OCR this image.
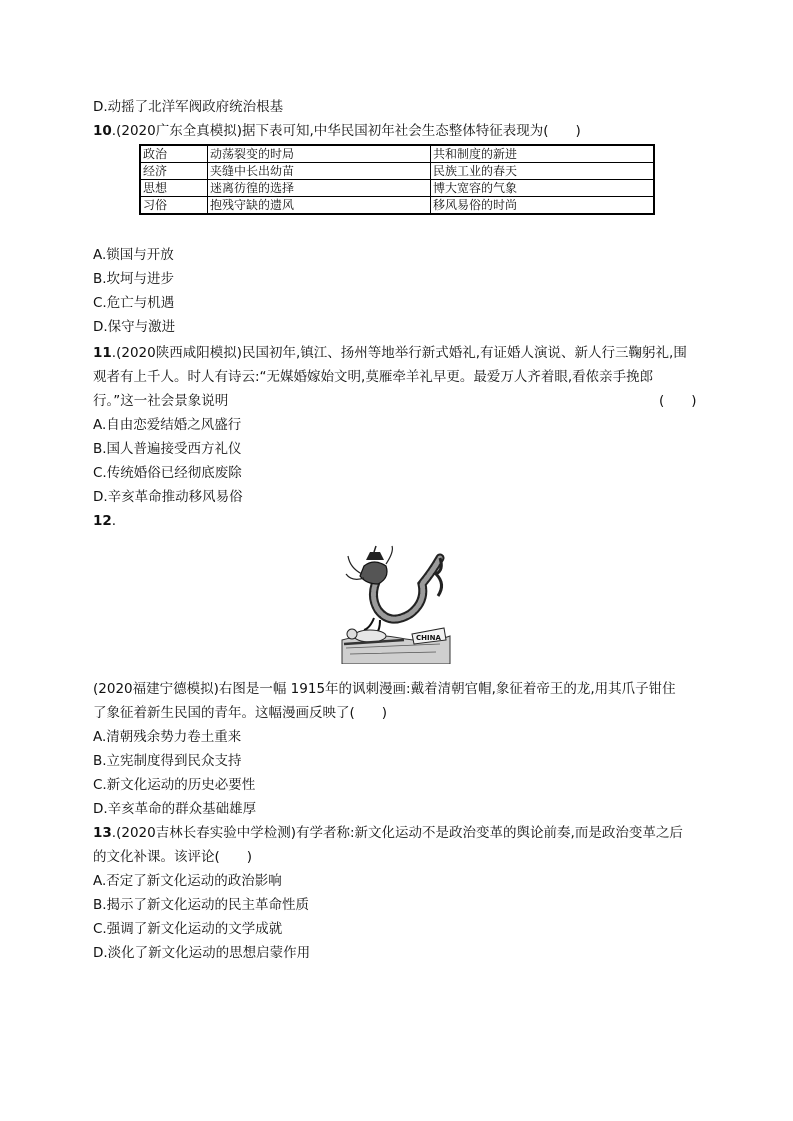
D.动摇了北洋军阀政府统治根基
10.(2020广东全真模拟)据下表可知,中华民国初年社会生态整体特征表现为(　　)
政治	动荡裂变的时局	共和制度的新进
经济	夹缝中长出幼苗	民族工业的春天
思想	迷离彷徨的选择	博大宽容的气象
习俗	抱残守缺的遗风	移风易俗的时尚
A.锁国与开放
B.坎坷与进步
C.危亡与机遇
D.保守与激进
11.(2020陕西咸阳模拟)民国初年,镇江、扬州等地举行新式婚礼,有证婚人演说、新人行三鞠躬礼,围
观者有上千人。时人有诗云:“无媒婚嫁始文明,莫雁牵羊礼早更。最爱万人齐着眼,看侬亲手挽郎
行。”这一社会景象说明	(　　)
A.自由恋爱结婚之风盛行
B.国人普遍接受西方礼仪
C.传统婚俗已经彻底废除
D.辛亥革命推动移风易俗
12.
CHINA
(2020福建宁德模拟)右图是一幅 1915年的讽刺漫画:戴着清朝官帽,象征着帝王的龙,用其爪子钳住
了象征着新生民国的青年。这幅漫画反映了(　　)
A.清朝残余势力卷土重来
B.立宪制度得到民众支持
C.新文化运动的历史必要性
D.辛亥革命的群众基础雄厚
13.(2020吉林长春实验中学检测)有学者称:新文化运动不是政治变革的舆论前奏,而是政治变革之后
的文化补课。该评论(　　)
A.否定了新文化运动的政治影响
B.揭示了新文化运动的民主革命性质
C.强调了新文化运动的文学成就
D.淡化了新文化运动的思想启蒙作用
